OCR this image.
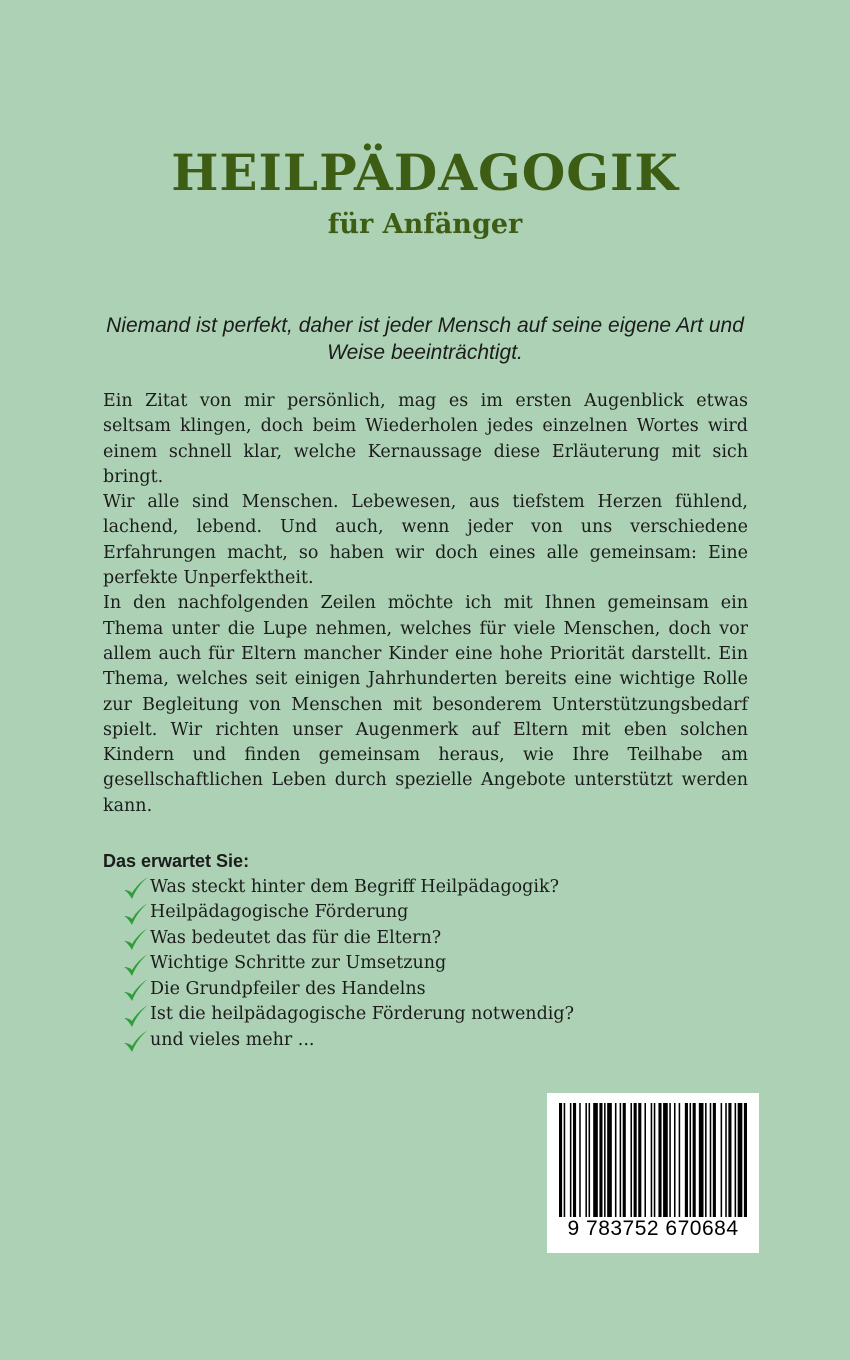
HEILPÄDAGOGIK
für Anfänger
Niemand ist perfekt, daher ist jeder Mensch auf seine eigene Art und Weise beeinträchtigt.

Ein Zitat von mir persönlich, mag es im ersten Augenblick etwas seltsam klingen, doch beim Wiederholen jedes einzelnen Wortes wird einem schnell klar, welche Kernaussage diese Erläuterung mit sich bringt.

Wir alle sind Menschen. Lebewesen, aus tiefstem Herzen fühlend, lachend, lebend. Und auch, wenn jeder von uns verschiedene Erfahrungen macht, so haben wir doch eines alle gemeinsam: Eine perfekte Unperfektheit.

In den nachfolgenden Zeilen möchte ich mit Ihnen gemeinsam ein Thema unter die Lupe nehmen, welches für viele Menschen, doch vor allem auch für Eltern mancher Kinder eine hohe Priorität darstellt. Ein Thema, welches seit einigen Jahrhunderten bereits eine wichtige Rolle zur Begleitung von Menschen mit besonderem Unterstützungsbedarf spielt. Wir richten unser Augenmerk auf Eltern mit eben solchen Kindern und finden gemeinsam heraus, wie Ihre Teilhabe am gesellschaftlichen Leben durch spezielle Angebote unterstützt werden kann.

Das erwartet Sie:
Was steckt hinter dem Begriff Heilpädagogik?
Heilpädagogische Förderung
Was bedeutet das für die Eltern?
Wichtige Schritte zur Umsetzung
Die Grundpfeiler des Handelns
Ist die heilpädagogische Förderung notwendig?
und vieles mehr ...
9 783752 670684
